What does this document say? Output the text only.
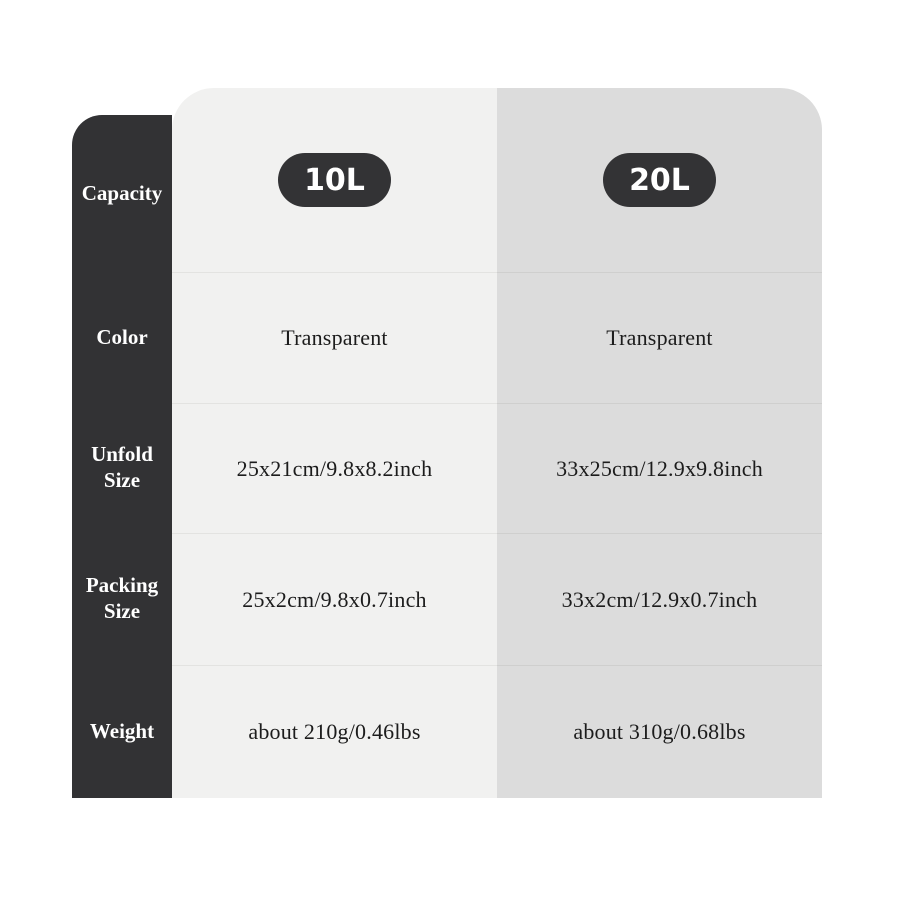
Capacity
Color
Unfold Size
Packing Size
Weight
10L
Transparent
25x21cm/9.8x8.2inch
25x2cm/9.8x0.7inch
about 210g/0.46lbs
20L
Transparent
33x25cm/12.9x9.8inch
33x2cm/12.9x0.7inch
about 310g/0.68lbs
